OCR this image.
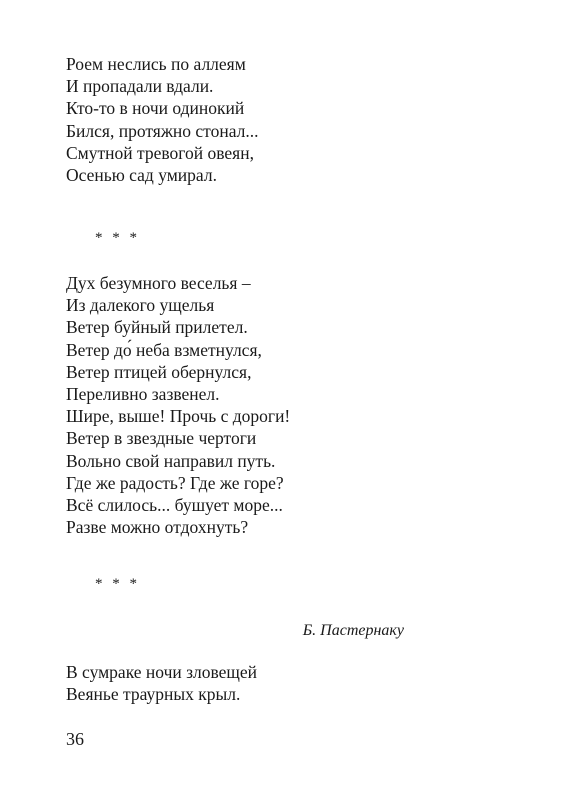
Роем неслись по аллеям
И пропадали вдали.
Кто-то в ночи одинокий
Бился, протяжно стонал...
Смутной тревогой овеян,
Осенью сад умирал.
* * *
Дух безумного веселья –
Из далекого ущелья
Ветер буйный прилетел.
Ветер до́ неба взметнулся,
Ветер птицей обернулся,
Переливно зазвенел.
Шире, выше! Прочь с дороги!
Ветер в звездные чертоги
Вольно свой направил путь.
Где же радость? Где же горе?
Всё слилось... бушует море...
Разве можно отдохнуть?
* * *
Б. Пастернаку
В сумраке ночи зловещей
Веянье траурных крыл.
36
